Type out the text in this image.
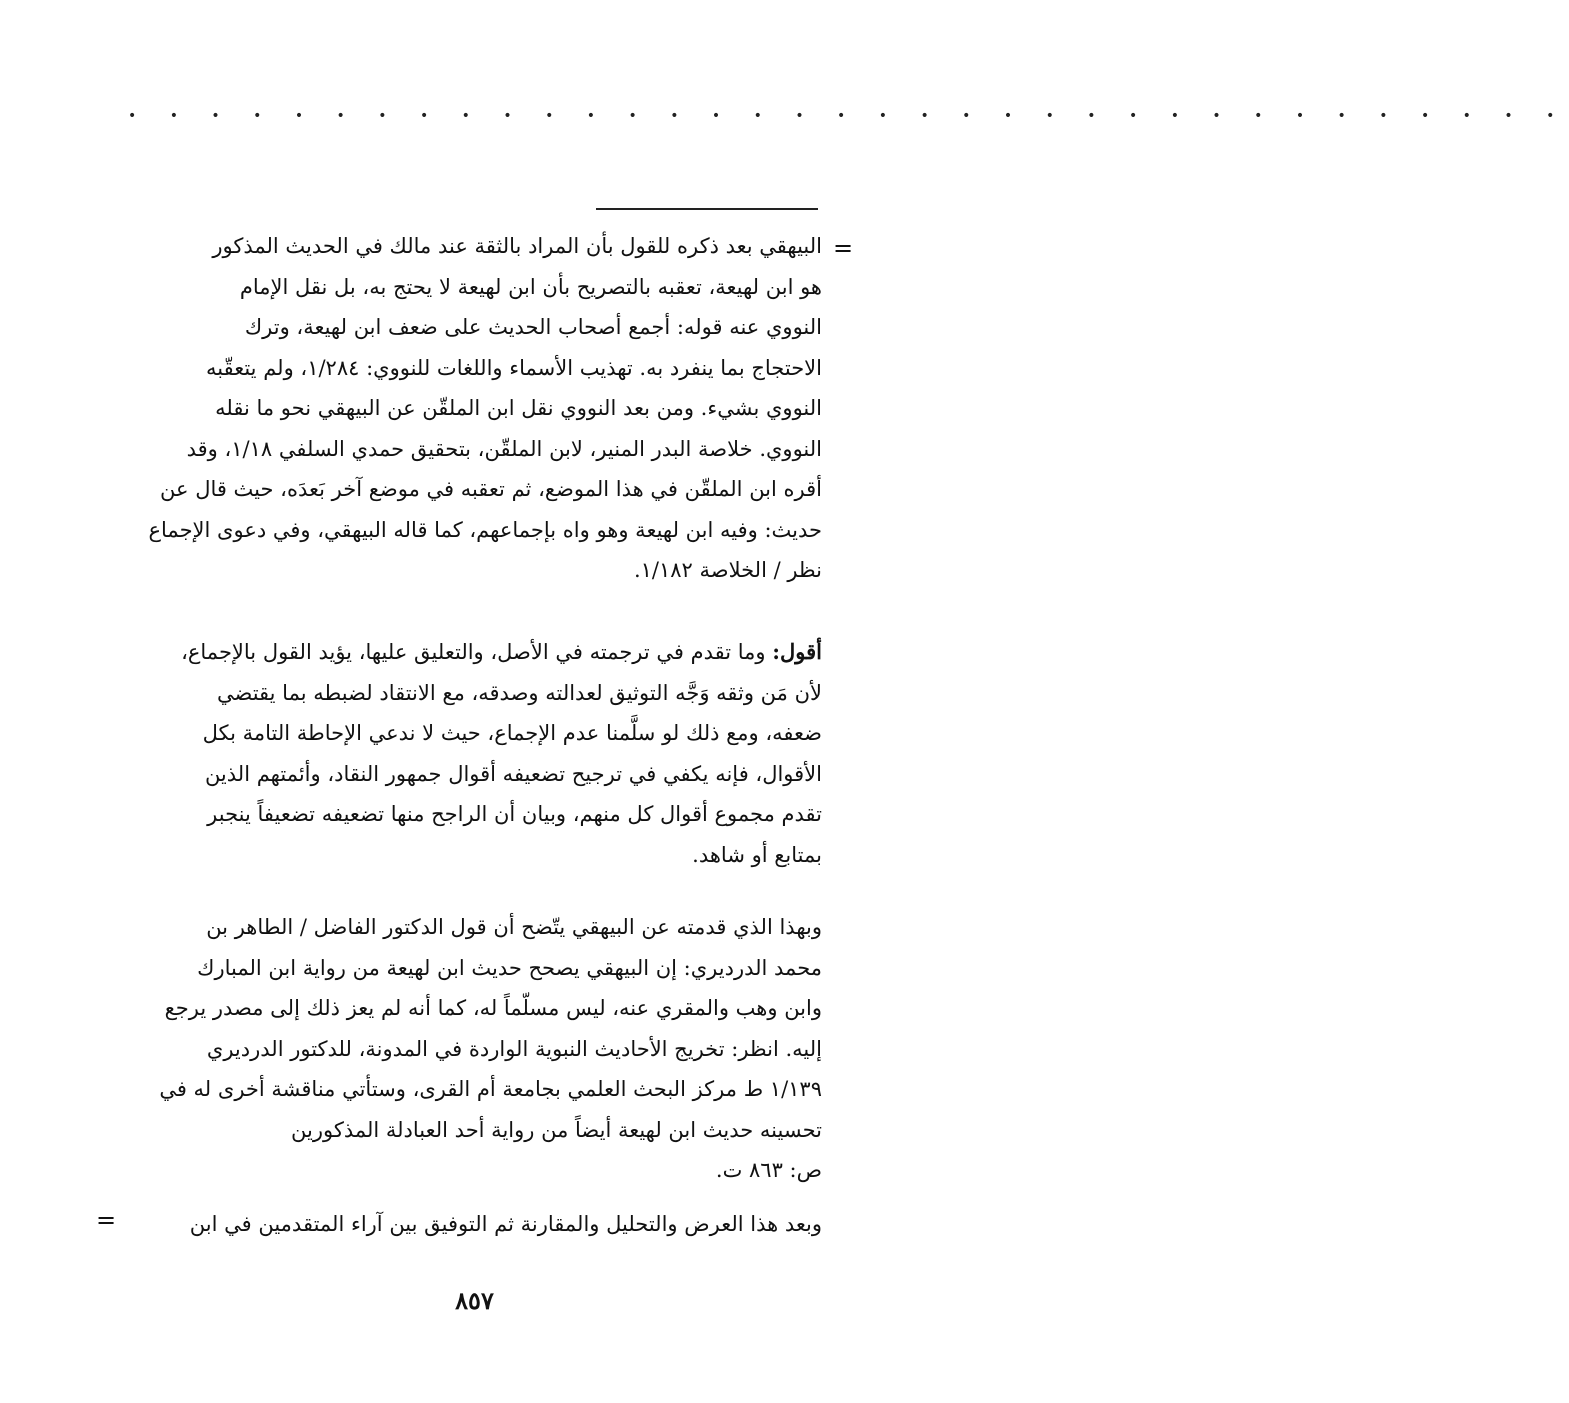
• • • • • • • • • • • • • • • • • • • • • • • • • • • • • • • • • • •
=
البيهقي بعد ذكره للقول بأن المراد بالثقة عند مالك في الحديث المذكور
هو ابن لهيعة، تعقبه بالتصريح بأن ابن لهيعة لا يحتج به، بل نقل الإمام
النووي عنه قوله: أجمع أصحاب الحديث على ضعف ابن لهيعة، وترك
الاحتجاج بما ينفرد به. تهذيب الأسماء واللغات للنووي: ١/٢٨٤، ولم يتعقّبه
النووي بشيء. ومن بعد النووي نقل ابن الملقّن عن البيهقي نحو ما نقله
النووي. خلاصة البدر المنير، لابن الملقّن، بتحقيق حمدي السلفي ١/١٨، وقد
أقره ابن الملقّن في هذا الموضع، ثم تعقبه في موضع آخر بَعدَه، حيث قال عن
حديث: وفيه ابن لهيعة وهو واه بإجماعهم، كما قاله البيهقي، وفي دعوى الإجماع
نظر / الخلاصة ١/١٨٢.
أقول: وما تقدم في ترجمته في الأصل، والتعليق عليها، يؤيد القول بالإجماع،
لأن مَن وثقه وَجَّه التوثيق لعدالته وصدقه، مع الانتقاد لضبطه بما يقتضي
ضعفه، ومع ذلك لو سلَّمنا عدم الإجماع، حيث لا ندعي الإحاطة التامة بكل
الأقوال، فإنه يكفي في ترجيح تضعيفه أقوال جمهور النقاد، وأئمتهم الذين
تقدم مجموع أقوال كل منهم، وبيان أن الراجح منها تضعيفه تضعيفاً ينجبر
بمتابع أو شاهد.
وبهذا الذي قدمته عن البيهقي يتّضح أن قول الدكتور الفاضل / الطاهر بن
محمد الدرديري: إن البيهقي يصحح حديث ابن لهيعة من رواية ابن المبارك
وابن وهب والمقري عنه، ليس مسلّماً له، كما أنه لم يعز ذلك إلى مصدر يرجع
إليه. انظر: تخريج الأحاديث النبوية الواردة في المدونة، للدكتور الدرديري
١/١٣٩ ط مركز البحث العلمي بجامعة أم القرى، وستأتي مناقشة أخرى له في
تحسينه حديث ابن لهيعة أيضاً من رواية أحد العبادلة المذكورين
ص: ٨٦٣ ت.
وبعد هذا العرض والتحليل والمقارنة ثم التوفيق بين آراء المتقدمين في ابن
=
٨٥٧
